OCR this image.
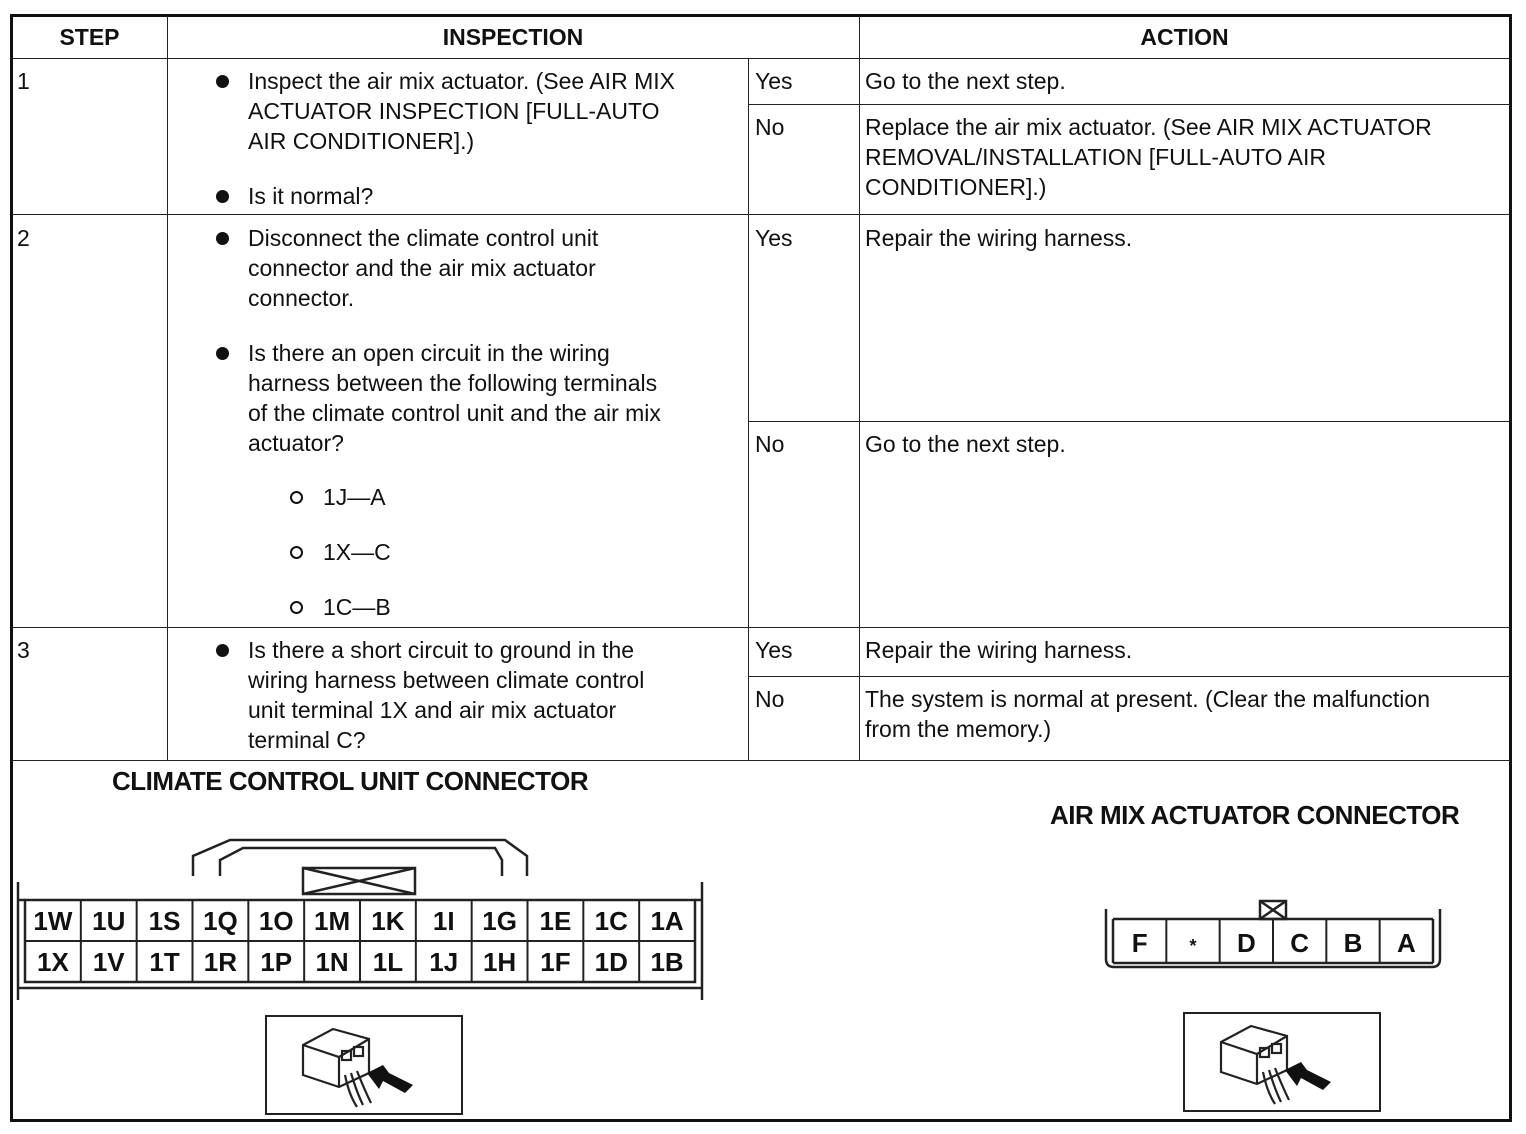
STEP	INSPECTION	ACTION
1	Inspect the air mix actuator. (See AIR MIX
ACTUATOR INSPECTION [FULL-AUTO
AIR CONDITIONER].)
Is it normal?
Yes	Go to the next step.
No	Replace the air mix actuator. (See AIR MIX ACTUATOR
REMOVAL/INSTALLATION [FULL-AUTO AIR
CONDITIONER].)
2	Disconnect the climate control unit
connector and the air mix actuator
connector.
Is there an open circuit in the wiring
harness between the following terminals
of the climate control unit and the air mix
actuator?
1J—A
1X—C
1C—B
Yes	Repair the wiring harness.
No	Go to the next step.
3	Is there a short circuit to ground in the
wiring harness between climate control
unit terminal 1X and air mix actuator
terminal C?
Yes	Repair the wiring harness.
No	The system is normal at present. (Clear the malfunction
from the memory.)
CLIMATE CONTROL UNIT CONNECTOR
AIR MIX ACTUATOR CONNECTOR
1W 1U 1S 1Q 1O 1M 1K 1I 1G 1E 1C 1A
1X 1V 1T 1R 1P 1N 1L 1J 1H 1F 1D 1B
F * D C B A
